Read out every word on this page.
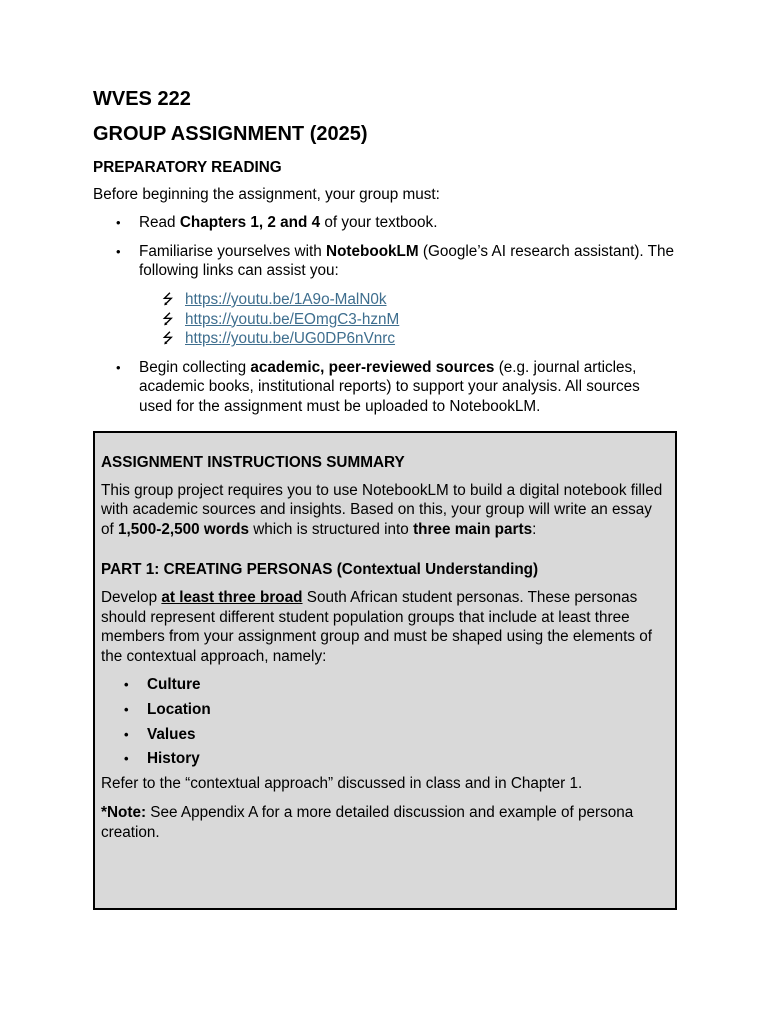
WVES 222
GROUP ASSIGNMENT (2025)
PREPARATORY READING

Before beginning the assignment, your group must:

• Read Chapters 1, 2 and 4 of your textbook.
• Familiarise yourselves with NotebookLM (Google’s AI research assistant). The following links can assist you:
⭍ https://youtu.be/1A9o-MalN0k
⭍ https://youtu.be/EOmgC3-hznM
⭍ https://youtu.be/UG0DP6nVnrc
• Begin collecting academic, peer-reviewed sources (e.g. journal articles, academic books, institutional reports) to support your analysis. All sources used for the assignment must be uploaded to NotebookLM.
ASSIGNMENT INSTRUCTIONS SUMMARY

This group project requires you to use NotebookLM to build a digital notebook filled with academic sources and insights. Based on this, your group will write an essay of 1,500-2,500 words which is structured into three main parts:

PART 1: CREATING PERSONAS (Contextual Understanding)

Develop at least three broad South African student personas. These personas should represent different student population groups that include at least three members from your assignment group and must be shaped using the elements of the contextual approach, namely:

• Culture
• Location
• Values
• History

Refer to the “contextual approach” discussed in class and in Chapter 1.

*Note: See Appendix A for a more detailed discussion and example of persona creation.
